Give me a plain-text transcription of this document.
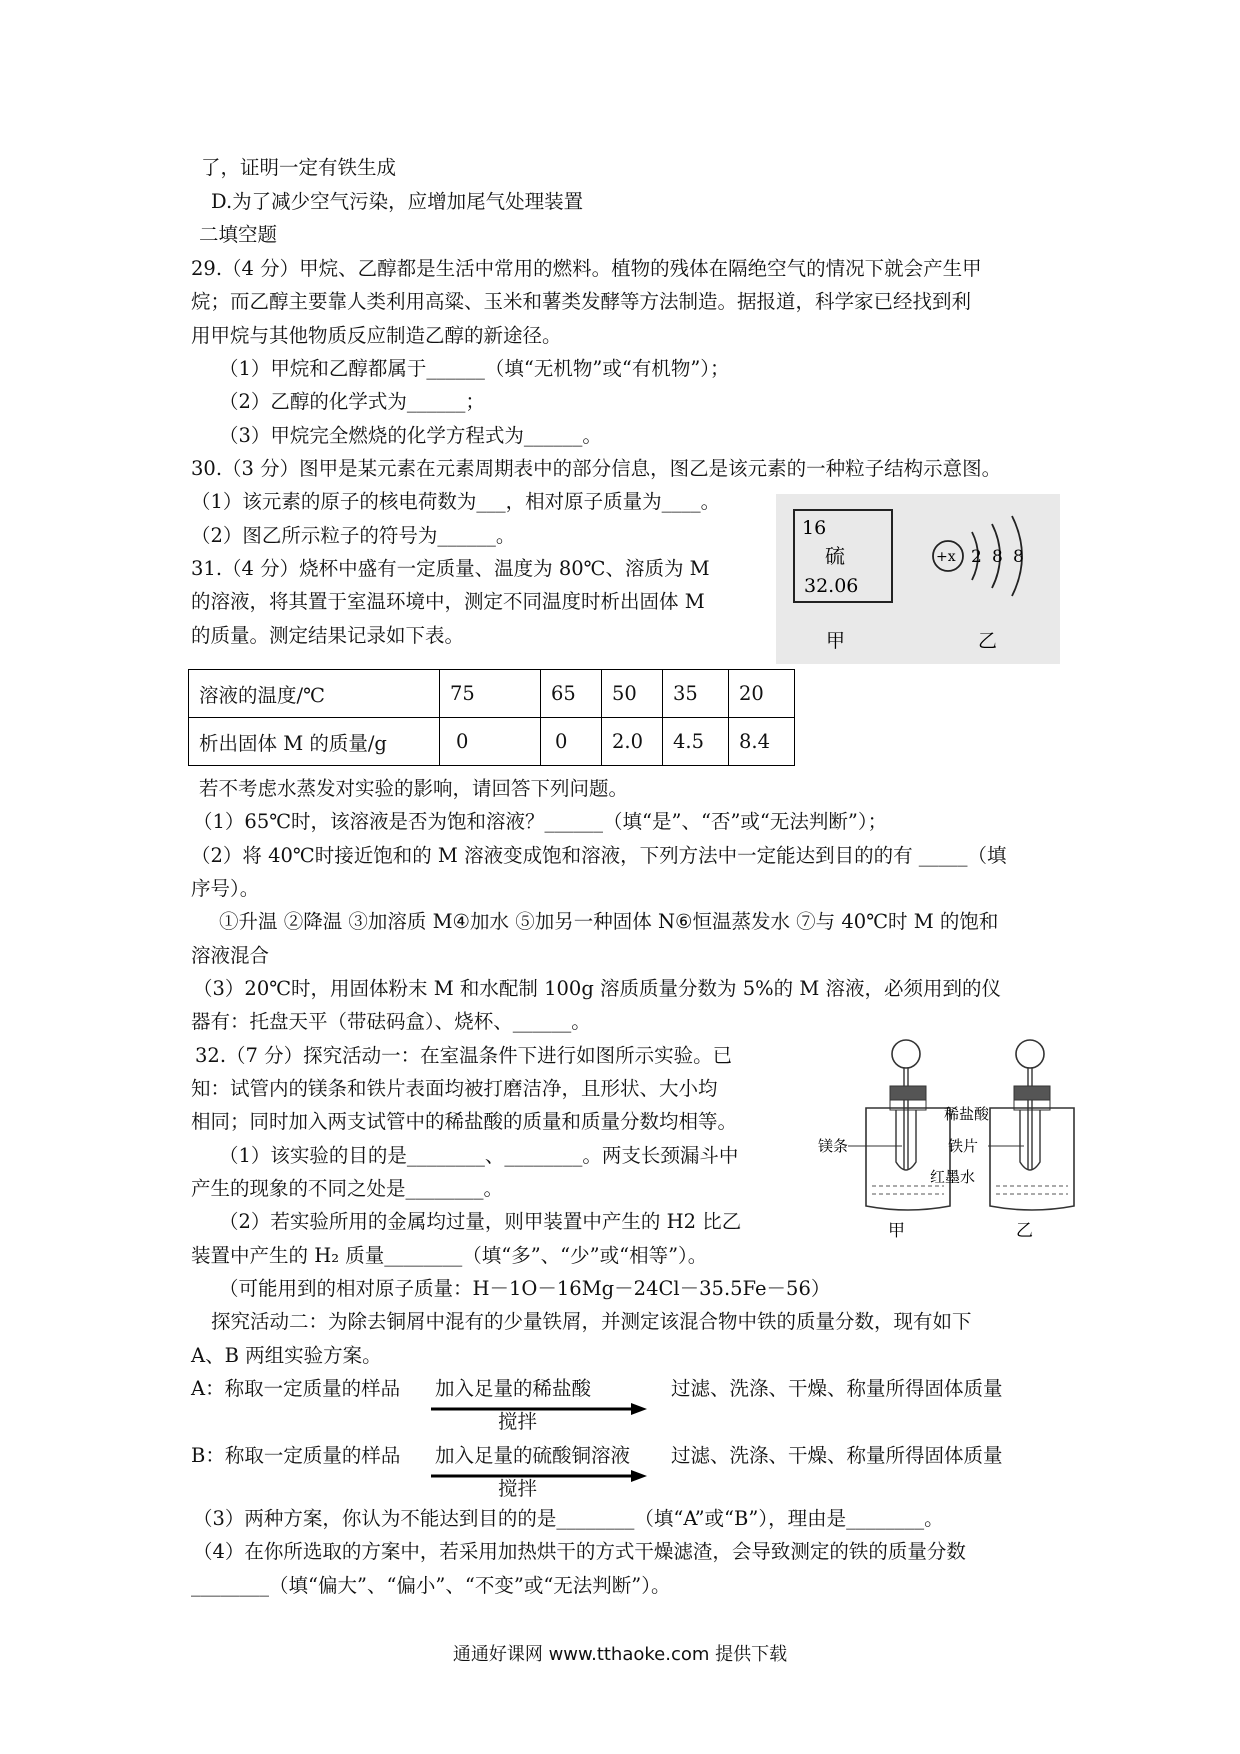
了，证明一定有铁生成
D.为了减少空气污染，应增加尾气处理装置
二填空题
29.（4 分）甲烷、乙醇都是生活中常用的燃料。植物的残体在隔绝空气的情况下就会产生甲
烷；而乙醇主要靠人类利用高粱、玉米和薯类发酵等方法制造。据报道，科学家已经找到利
用甲烷与其他物质反应制造乙醇的新途径。
（1）甲烷和乙醇都属于______（填“无机物”或“有机物”）；
（2）乙醇的化学式为______；
（3）甲烷完全燃烧的化学方程式为______。
30.（3 分）图甲是某元素在元素周期表中的部分信息，图乙是该元素的一种粒子结构示意图。
（1）该元素的原子的核电荷数为___，相对原子质量为____。
（2）图乙所示粒子的符号为______。
31.（4 分）烧杯中盛有一定质量、温度为 80℃、溶质为 M
的溶液，将其置于室温环境中，测定不同温度时析出固体 M
的质量。测定结果记录如下表。
若不考虑水蒸发对实验的影响，请回答下列问题。
（1）65℃时，该溶液是否为饱和溶液？______（填“是”、“否”或“无法判断”）；
（2）将 40℃时接近饱和的 M 溶液变成饱和溶液，下列方法中一定能达到目的的有 _____（填
序号）。
①升温 ②降温 ③加溶质 M④加水 ⑤加另一种固体 N⑥恒温蒸发水 ⑦与 40℃时 M 的饱和
溶液混合
（3）20℃时，用固体粉末 M 和水配制 100g 溶质质量分数为 5%的 M 溶液，必须用到的仪
器有：托盘天平（带砝码盒）、烧杯、______。
32.（7 分）探究活动一：在室温条件下进行如图所示实验。已
知：试管内的镁条和铁片表面均被打磨洁净，且形状、大小均
相同；同时加入两支试管中的稀盐酸的质量和质量分数均相等。
（1）该实验的目的是________、________。两支长颈漏斗中
产生的现象的不同之处是________。
（2）若实验所用的金属均过量，则甲装置中产生的 H2 比乙
装置中产生的 H₂ 质量________（填“多”、“少”或“相等”）。
（可能用到的相对原子质量：H－1O－16Mg－24Cl－35.5Fe－56）
探究活动二：为除去铜屑中混有的少量铁屑，并测定该混合物中铁的质量分数，现有如下
A、B 两组实验方案。
（3）两种方案，你认为不能达到目的的是________（填“A”或“B”），理由是________。
（4）在你所选取的方案中，若采用加热烘干的方式干燥滤渣，会导致测定的铁的质量分数
________（填“偏大”、“偏小”、“不变”或“无法判断”）。
溶液的温度/℃	75	65	50	35	20
析出固体 M 的质量/g	0	0	2.0	4.5	8.4
16
硫
32.06
+x 2 8 8
甲	乙
镁条
稀盐酸
铁片
红墨水
甲	乙
A：称取一定质量的样品 加入足量的稀盐酸
搅拌
过滤、洗涤、干燥、称量所得固体质量
B：称取一定质量的样品 加入足量的硫酸铜溶液
搅拌
过滤、洗涤、干燥、称量所得固体质量
通通好课网 www.tthaoke.com 提供下载
